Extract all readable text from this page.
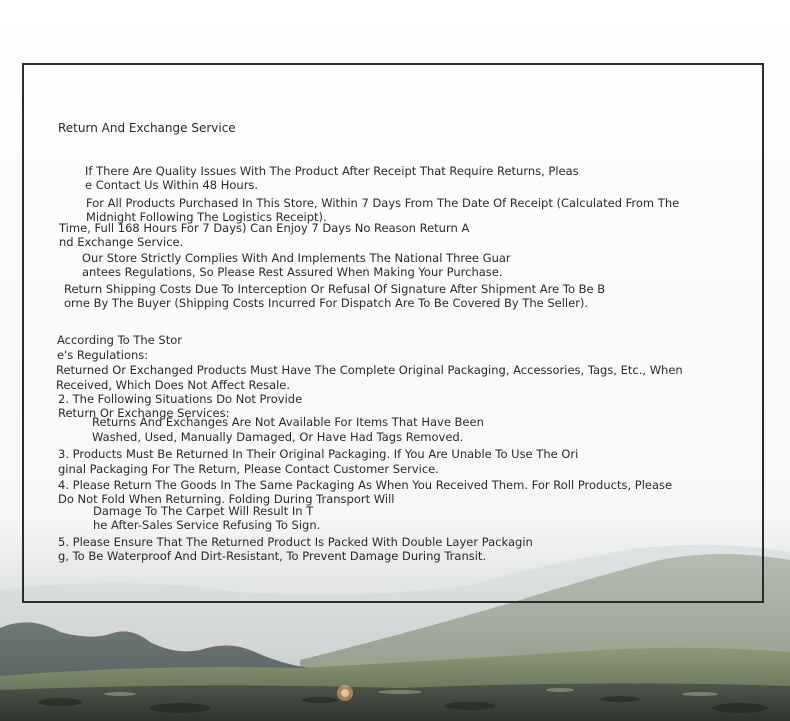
Return And Exchange Service
If There Are Quality Issues With The Product After Receipt That Require Returns, Pleas
e Contact Us Within 48 Hours.
For All Products Purchased In This Store, Within 7 Days From The Date Of Receipt (Calculated From The
Midnight Following The Logistics Receipt).
Time, Full 168 Hours For 7 Days) Can Enjoy 7 Days No Reason Return A
nd Exchange Service.
Our Store Strictly Complies With And Implements The National Three Guar
antees Regulations, So Please Rest Assured When Making Your Purchase.
Return Shipping Costs Due To Interception Or Refusal Of Signature After Shipment Are To Be B
orne By The Buyer (Shipping Costs Incurred For Dispatch Are To Be Covered By The Seller).
According To The Stor
e's Regulations:
Returned Or Exchanged Products Must Have The Complete Original Packaging, Accessories, Tags, Etc., When
Received, Which Does Not Affect Resale.
2. The Following Situations Do Not Provide
Return Or Exchange Services:
Returns And Exchanges Are Not Available For Items That Have Been
Washed, Used, Manually Damaged, Or Have Had Tags Removed.
3. Products Must Be Returned In Their Original Packaging. If You Are Unable To Use The Ori
ginal Packaging For The Return, Please Contact Customer Service.
4. Please Return The Goods In The Same Packaging As When You Received Them. For Roll Products, Please
Do Not Fold When Returning. Folding During Transport Will
Damage To The Carpet Will Result In T
he After-Sales Service Refusing To Sign.
5. Please Ensure That The Returned Product Is Packed With Double Layer Packagin
g, To Be Waterproof And Dirt-Resistant, To Prevent Damage During Transit.
